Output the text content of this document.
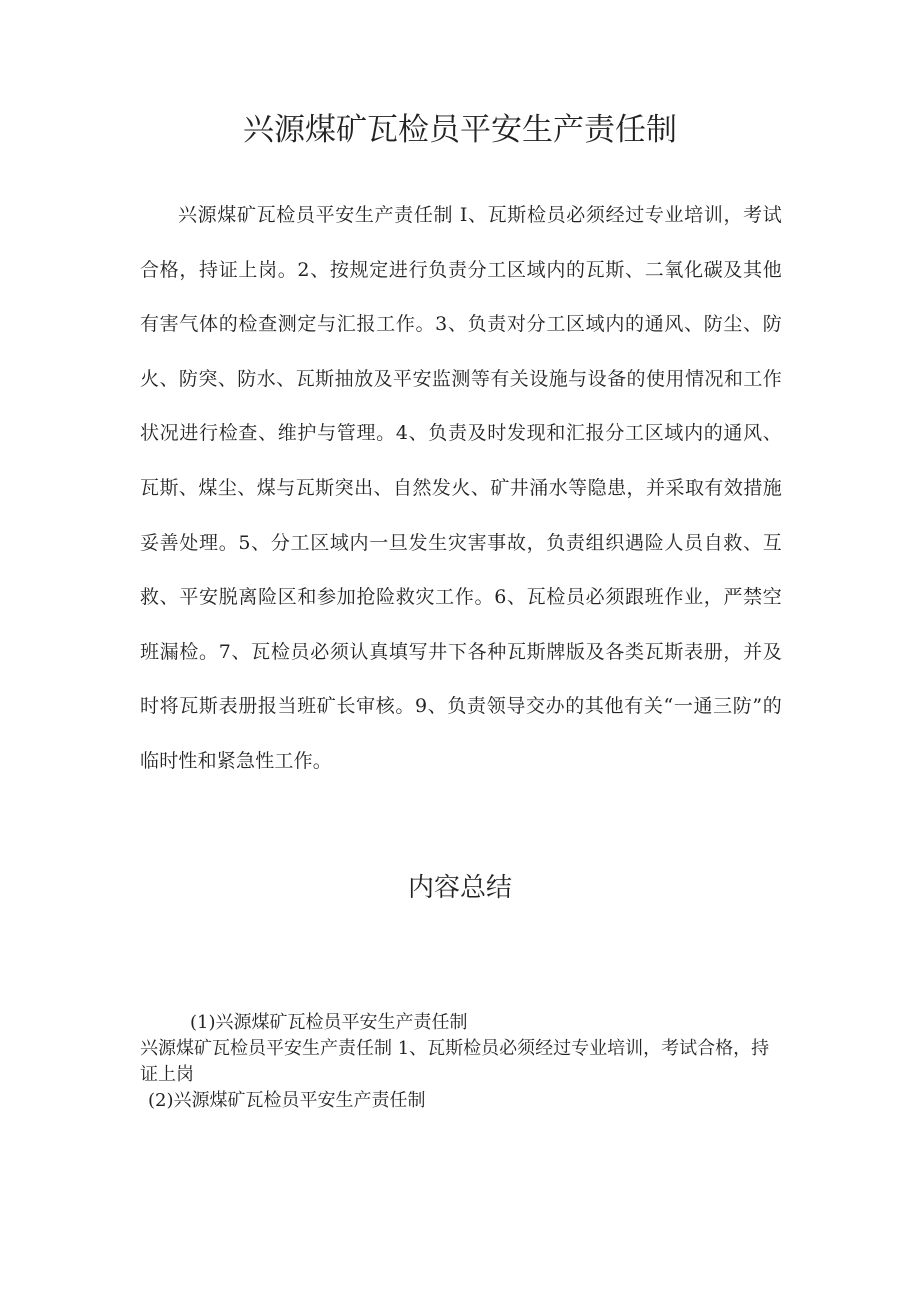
兴源煤矿瓦检员平安生产责任制

兴源煤矿瓦检员平安生产责任制 I、瓦斯检员必须经过专业培训，考试合格，持证上岗。2、按规定进行负责分工区域内的瓦斯、二氧化碳及其他有害气体的检查测定与汇报工作。3、负责对分工区域内的通风、防尘、防火、防突、防水、瓦斯抽放及平安监测等有关设施与设备的使用情况和工作状况进行检查、维护与管理。4、负责及时发现和汇报分工区域内的通风、瓦斯、煤尘、煤与瓦斯突出、自然发火、矿井涌水等隐患，并采取有效措施妥善处理。5、分工区域内一旦发生灾害事故，负责组织遇险人员自救、互救、平安脱离险区和参加抢险救灾工作。6、瓦检员必须跟班作业，严禁空班漏检。7、瓦检员必须认真填写井下各种瓦斯牌版及各类瓦斯表册，并及时将瓦斯表册报当班矿长审核。9、负责领导交办的其他有关“一通三防”的临时性和紧急性工作。

内容总结
(1)兴源煤矿瓦检员平安生产责任制
兴源煤矿瓦检员平安生产责任制 1、瓦斯检员必须经过专业培训，考试合格，持证上岗
(2)兴源煤矿瓦检员平安生产责任制
